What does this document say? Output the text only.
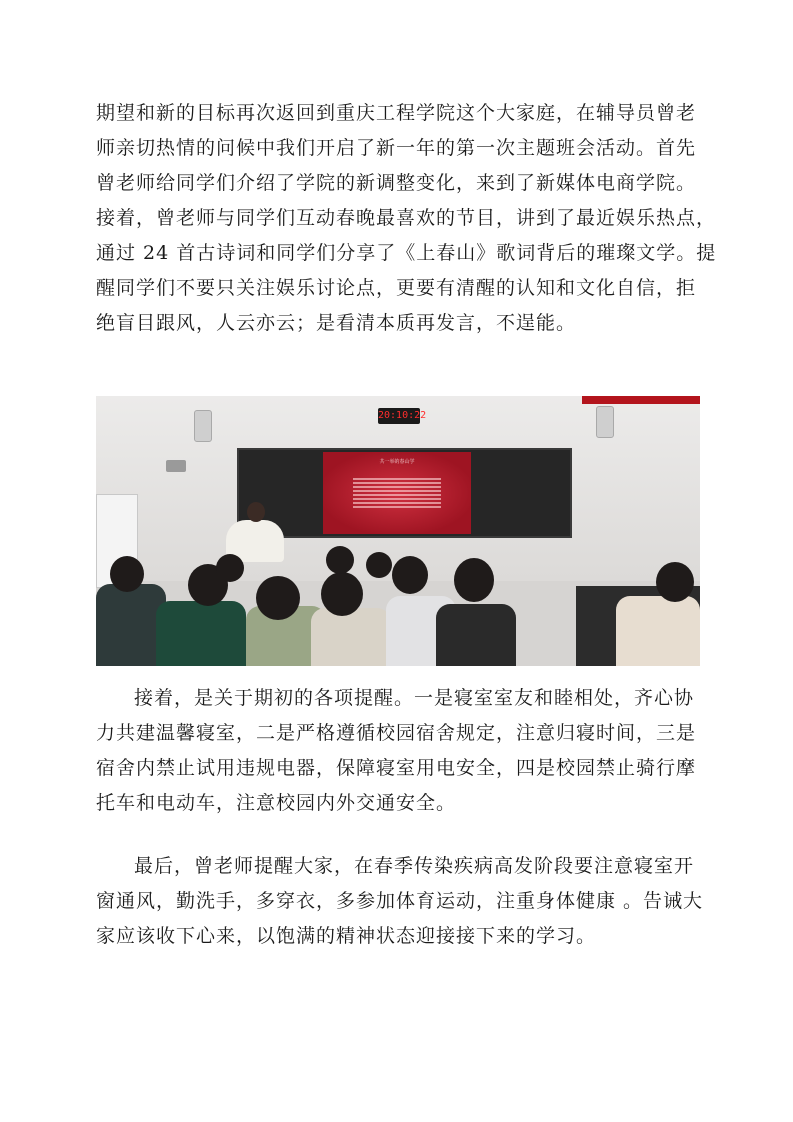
期望和新的目标再次返回到重庆工程学院这个大家庭，在辅导员曾老
师亲切热情的问候中我们开启了新一年的第一次主题班会活动。首先
曾老师给同学们介绍了学院的新调整变化，来到了新媒体电商学院。
接着，曾老师与同学们互动春晚最喜欢的节目，讲到了最近娱乐热点，
通过 24 首古诗词和同学们分享了《上春山》歌词背后的璀璨文学。提
醒同学们不要只关注娱乐讨论点，更要有清醒的认知和文化自信，拒
绝盲目跟风，人云亦云；是看清本质再发言，不逞能。

20:10:22
共一举的春山学

接着，是关于期初的各项提醒。一是寝室室友和睦相处，齐心协
力共建温馨寝室，二是严格遵循校园宿舍规定，注意归寝时间，三是
宿舍内禁止试用违规电器，保障寝室用电安全，四是校园禁止骑行摩
托车和电动车，注意校园内外交通安全。

最后，曾老师提醒大家，在春季传染疾病高发阶段要注意寝室开
窗通风，勤洗手，多穿衣，多参加体育运动，注重身体健康 。告诫大
家应该收下心来，以饱满的精神状态迎接接下来的学习。
